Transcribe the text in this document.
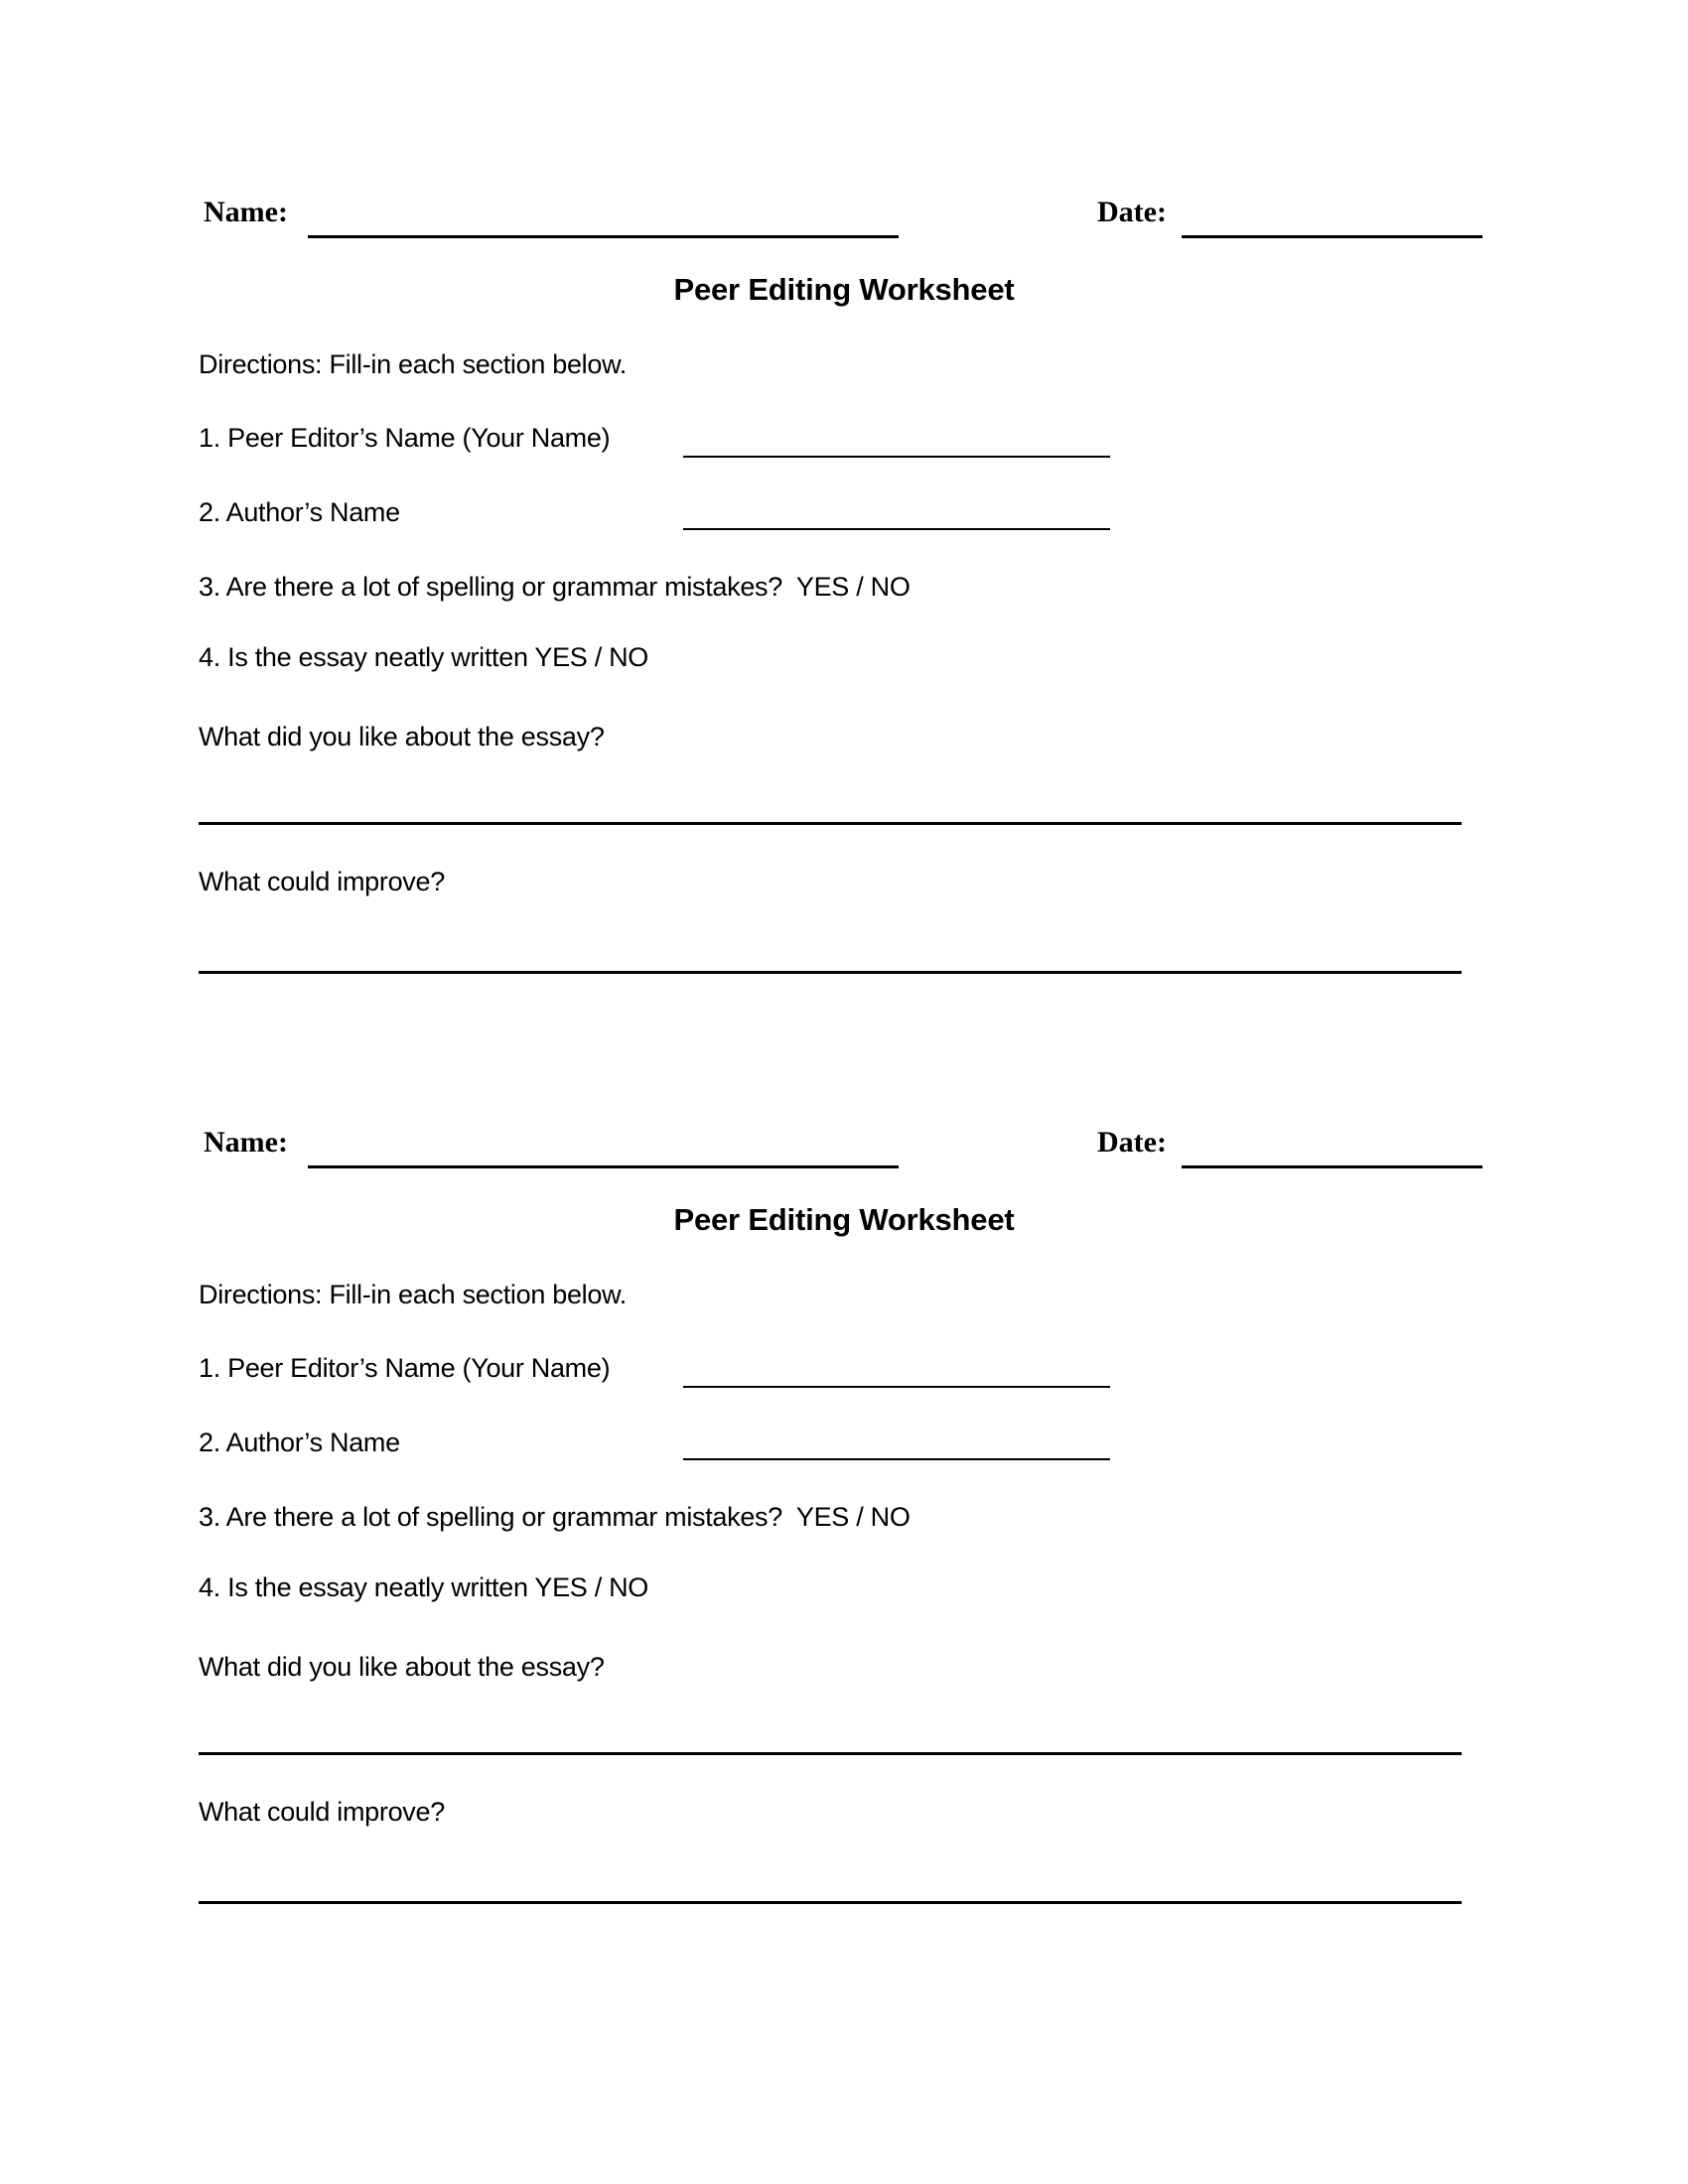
Name:	Date:
Peer Editing Worksheet
Directions: Fill-in each section below.
1. Peer Editor’s Name (Your Name)
2. Author’s Name
3. Are there a lot of spelling or grammar mistakes?  YES / NO
4. Is the essay neatly written YES / NO
What did you like about the essay?
What could improve?
Name:	Date:
Peer Editing Worksheet
Directions: Fill-in each section below.
1. Peer Editor’s Name (Your Name)
2. Author’s Name
3. Are there a lot of spelling or grammar mistakes?  YES / NO
4. Is the essay neatly written YES / NO
What did you like about the essay?
What could improve?
